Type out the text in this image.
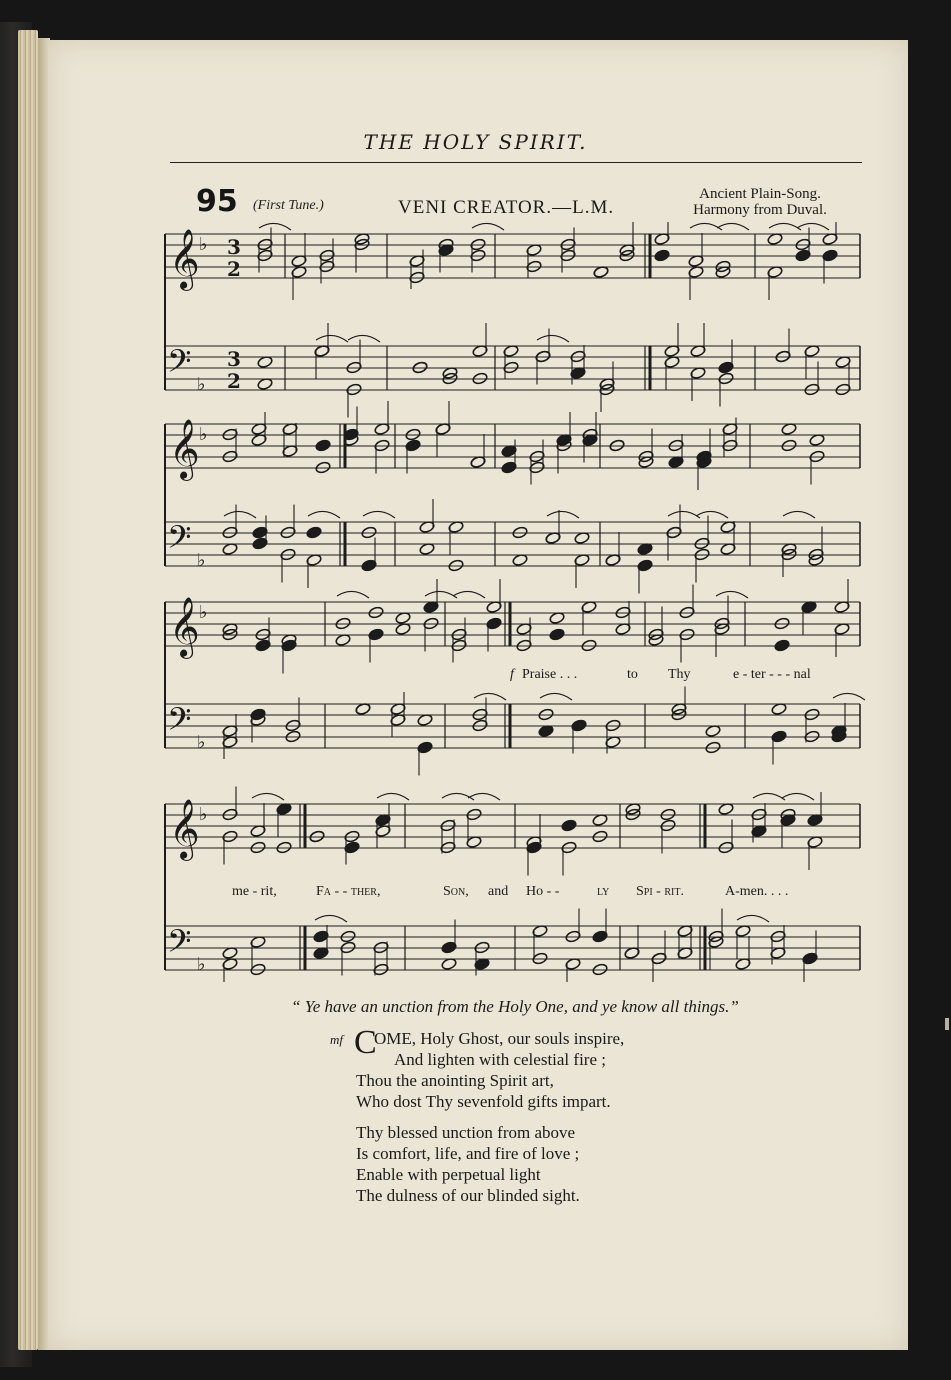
THE HOLY SPIRIT.
95 (First Tune.)	VENI CREATOR.—L.M.
Ancient Plain-Song.
Harmony from Duval.
𝄞 ♭ 3
2
𝄢 ♭
3
2
𝄞 ♭
𝄢 ♭
𝄞 ♭
𝄢 ♭
𝄞 ♭
𝄢 ♭
f Praise . . .	to Thy	e - ter - - - nal
me - rit,	Fa - - ther,	Son, and Ho - -	ly Spi - rit.	A-men. . . .
“ Ye have an unction from the Holy One, and ye know all things.”
mf C
OME, Holy Ghost, our souls inspire,
And lighten with celestial fire ;
Thou the anointing Spirit art,
Who dost Thy sevenfold gifts impart.
Thy blessed unction from above
Is comfort, life, and fire of love ;
Enable with perpetual light
The dulness of our blinded sight.
